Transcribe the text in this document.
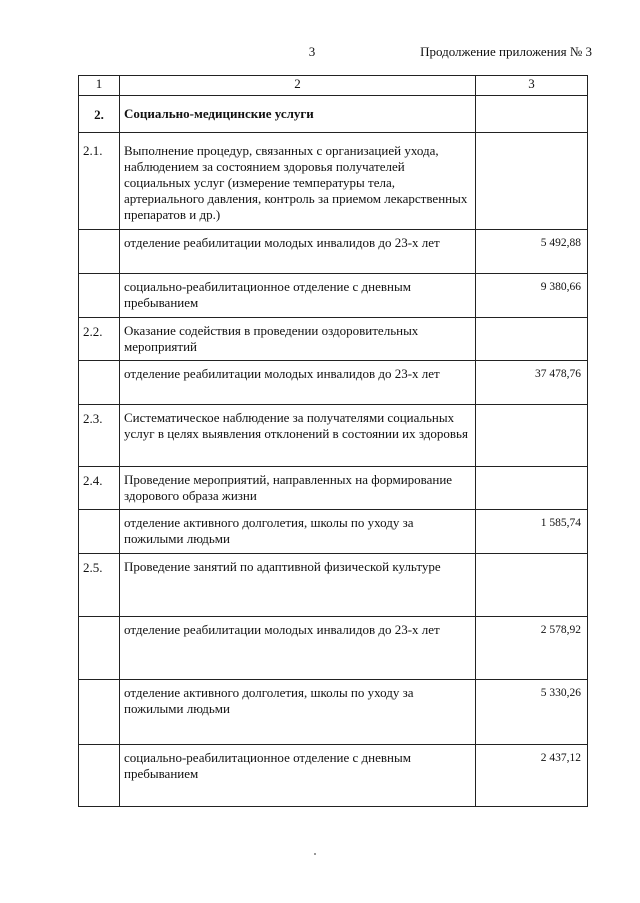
3	Продолжение приложения № 3
1	2	3
2.	Социально-медицинские услуги	
2.1.	Выполнение процедур, связанных с организацией ухода, наблюдением за состоянием здоровья получателей социальных услуг (измерение температуры тела, артериального давления, контроль за приемом лекарственных препаратов и др.)	
	отделение реабилитации молодых инвалидов до 23-х лет	5 492,88
	социально-реабилитационное отделение с дневным пребыванием	9 380,66
2.2.	Оказание содействия в проведении оздоровительных мероприятий	
	отделение реабилитации молодых инвалидов до 23-х лет	37 478,76
2.3.	Систематическое наблюдение за получателями социальных услуг в целях выявления отклонений в состоянии их здоровья	
2.4.	Проведение мероприятий, направленных на формирование здорового образа жизни	
	отделение активного долголетия, школы по уходу за пожилыми людьми	1 585,74
2.5.	Проведение занятий по адаптивной физической культуре	
	отделение реабилитации молодых инвалидов до 23-х лет	2 578,92
	отделение активного долголетия, школы по уходу за пожилыми людьми	5 330,26
	социально-реабилитационное отделение с дневным пребыванием	2 437,12
